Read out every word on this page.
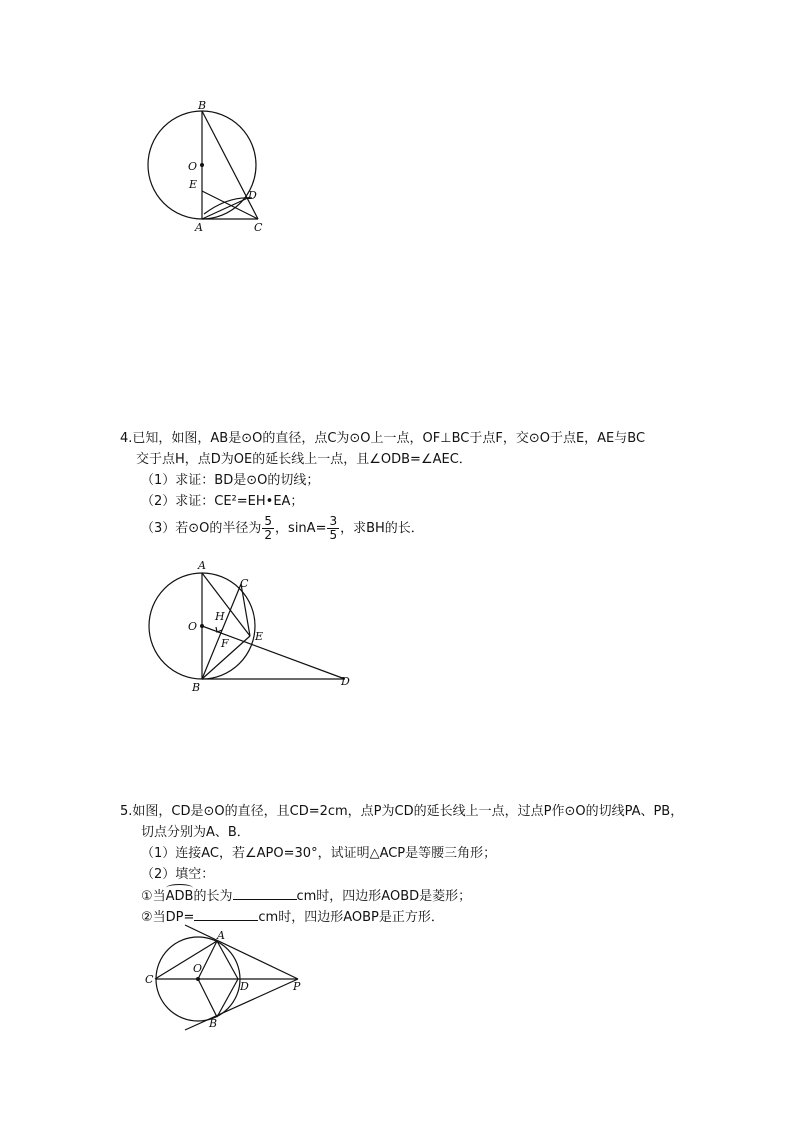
B
O
E
D
A	C
4.已知，如图，AB是⊙O的直径，点C为⊙O上一点，OF⊥BC于点F，交⊙O于点E，AE与BC
交于点H，点D为OE的延长线上一点，且∠ODB=∠AEC．
（1）求证：BD是⊙O的切线；
（2）求证：CE²=EH•EA；
（3）若⊙O的半径为 $\frac{5}{2}$ ，$\sin A= \frac{3}{5}$ ，求BH的长．
A
C
H
O
E
F
B	D
5.如图，CD是⊙O的直径，且CD=2cm，点P为CD的延长线上一点，过点P作⊙O的切线PA、PB，
切点分别为A、B．
（1）连接AC，若∠APO=30°，试证明△ACP是等腰三角形；
（2）填空：
①当ADB的长为	cm时，四边形AOBD是菱形；
②当DP=	cm时，四边形AOBP是正方形．
A
C
O
D	P
B
